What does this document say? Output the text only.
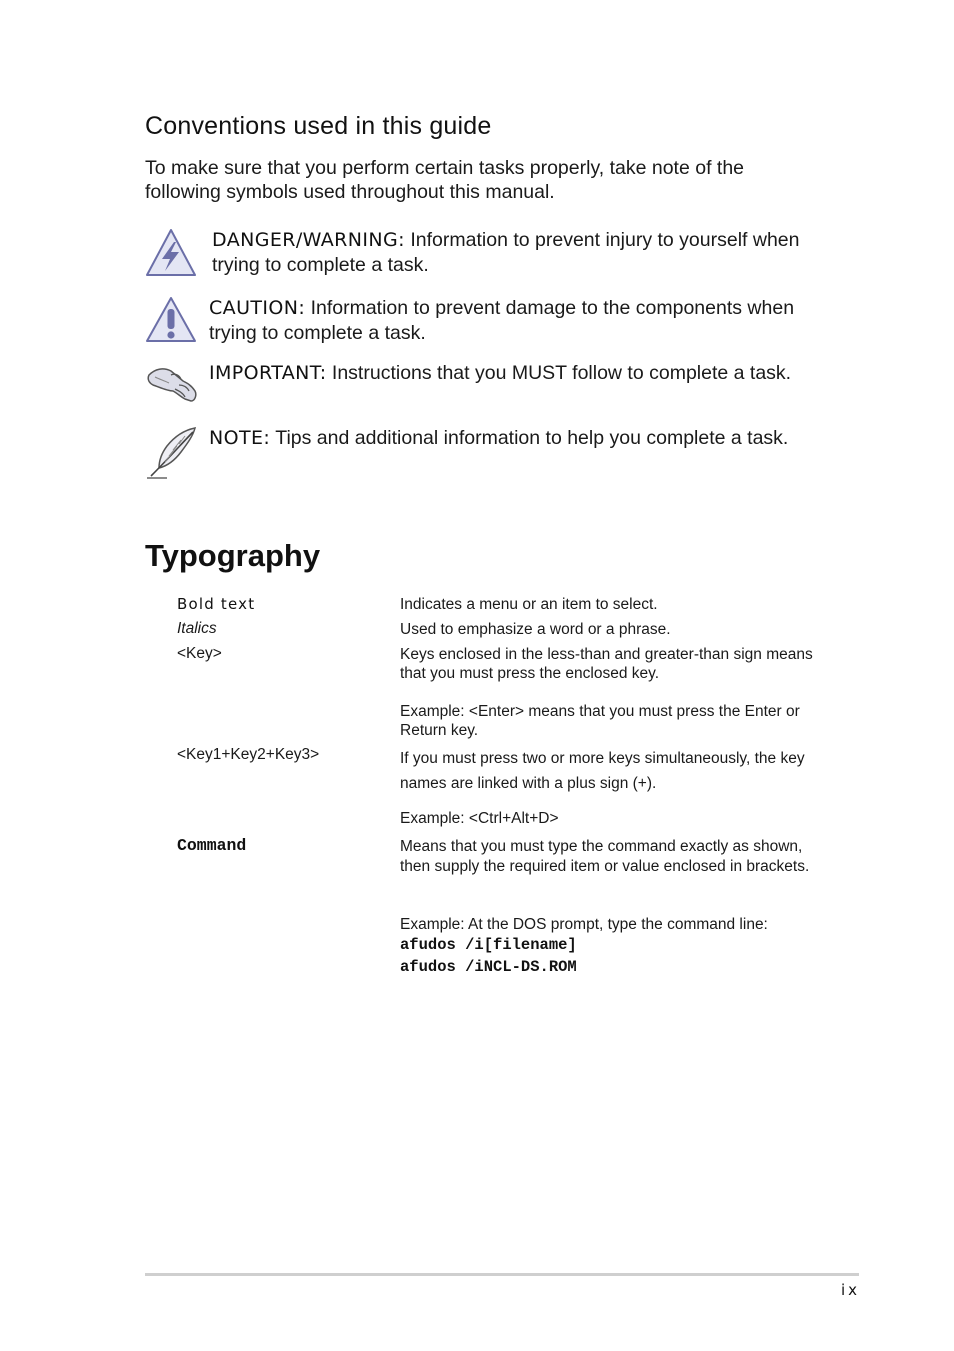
Conventions used in this guide
To make sure that you perform certain tasks properly, take note of the following symbols used throughout this manual.
DANGER/WARNING: Information to prevent injury to yourself when trying to complete a task.
CAUTION: Information to prevent damage to the components when trying to complete a task.
IMPORTANT: Instructions that you MUST follow to complete a task.
NOTE: Tips and additional information to help you complete a task.
Typography
Bold text	Indicates a menu or an item to select.
Italics	Used to emphasize a word or a phrase.
<Key>	Keys enclosed in the less-than and greater-than sign means that you must press the enclosed key.
Example: <Enter> means that you must press the Enter or Return key.
<Key1+Key2+Key3>	If you must press two or more keys simultaneously, the key names are linked with a plus sign (+).
Example: <Ctrl+Alt+D>
Command	Means that you must type the command exactly as shown, then supply the required item or value enclosed in brackets.
Example: At the DOS prompt, type the command line:
afudos /i[filename]
afudos /iNCL-DS.ROM
ix
